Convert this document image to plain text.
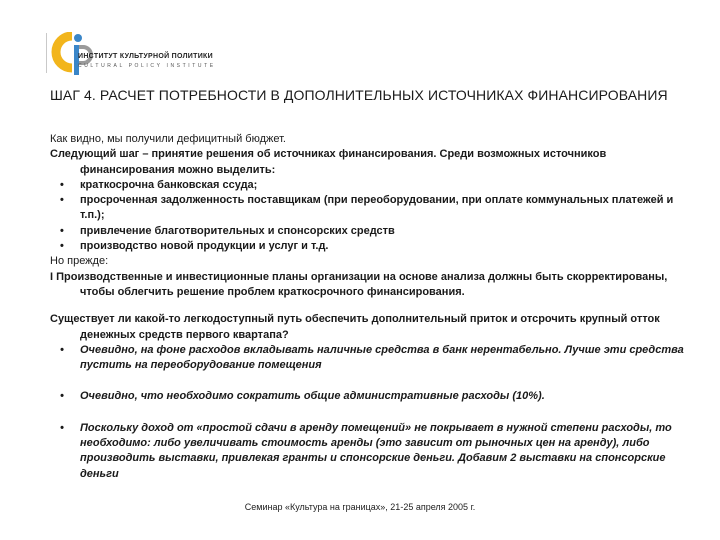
ИНСТИТУТ КУЛЬТУРНОЙ ПОЛИТИКИ
CULTURAL POLICY INSTITUTE
ШАГ 4. РАСЧЕТ ПОТРЕБНОСТИ В ДОПОЛНИТЕЛЬНЫХ ИСТОЧНИКАХ ФИНАНСИРОВАНИЯ

Как видно, мы получили дефицитный бюджет.

Следующий шаг – принятие решения об источниках финансирования. Среди возможных источников финансирования можно выделить:

• краткосрочна банковская ссуда;

• просроченная задолженность поставщикам (при переоборудовании, при оплате коммунальных платежей и т.п.);

• привлечение благотворительных и спонсорских средств

• производство новой продукции и услуг и т.д.

Но прежде:

I Производственные и инвестиционные планы организации на основе анализа должны быть скорректированы, чтобы облегчить решение проблем краткосрочного финансирования.

Существует ли какой-то легкодоступный путь обеспечить дополнительный приток и отсрочить крупный отток денежных средств первого квартапа?

• Очевидно, на фоне расходов вкладывать наличные средства в банк нерентабельно. Лучше эти средства пустить на переоборудование помещения

• Очевидно, что необходимо сократить общие административные расходы (10%).

• Поскольку доход от «простой сдачи в аренду помещений» не покрывает в нужной степени расходы, то необходимо: либо увеличивать стоимость аренды (это зависит от рыночных цен на аренду), либо производить выставки, привлекая гранты и спонсорские деньги. Добавим 2 выставки на спонсорские деньги

Семинар «Культура на границах», 21-25 апреля 2005 г.
